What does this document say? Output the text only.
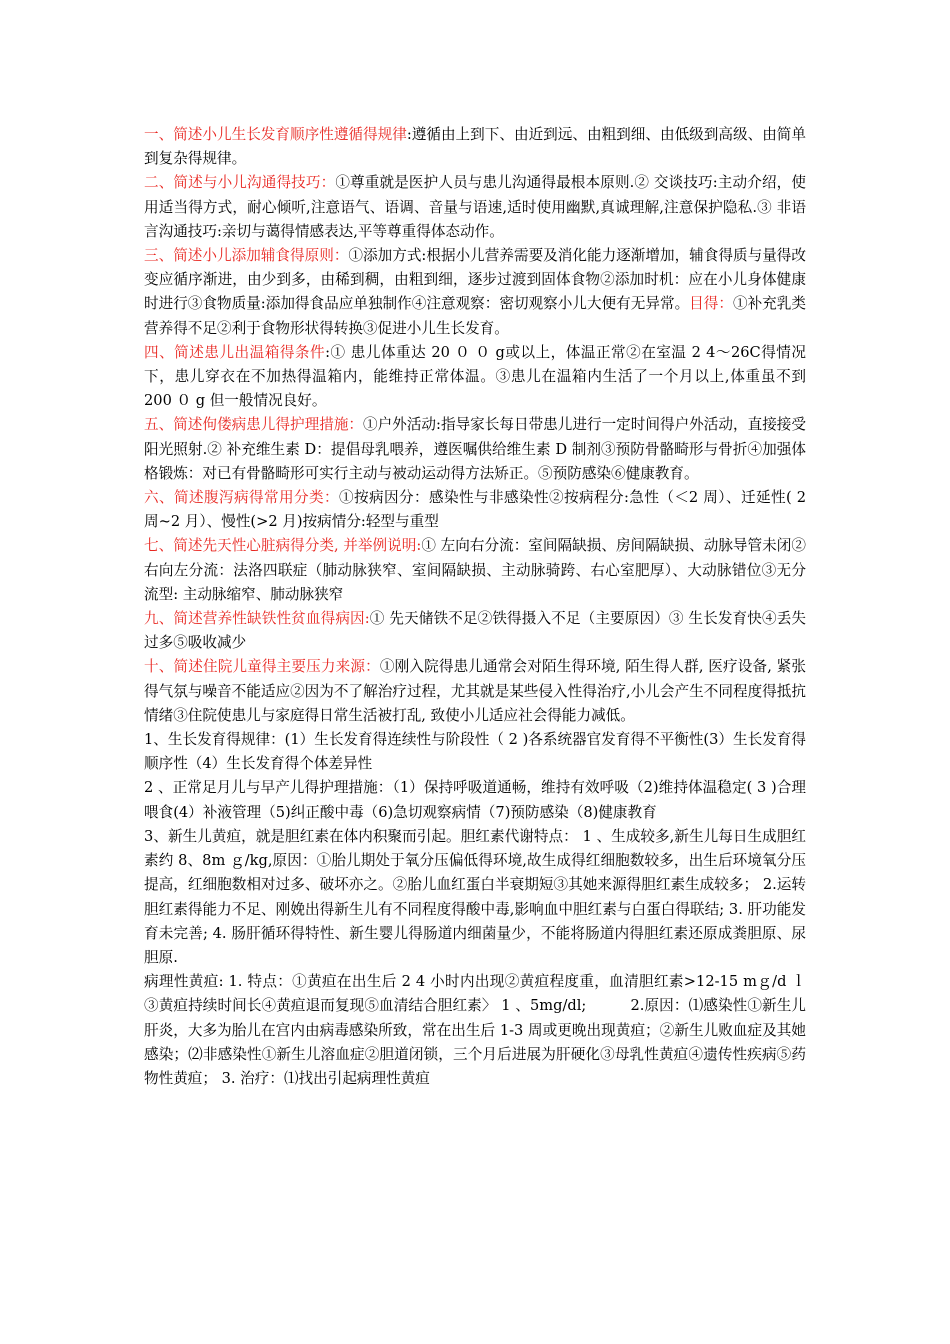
一、简述小儿生长发育顺序性遵循得规律:遵循由上到下、由近到远、由粗到细、由低级到高级、由简单到复杂得规律。

二、简述与小儿沟通得技巧：①尊重就是医护人员与患儿沟通得最根本原则.② 交谈技巧:主动介绍，使用适当得方式，耐心倾听,注意语气、语调、音量与语速,适时使用幽默,真诚理解,注意保护隐私.③ 非语言沟通技巧:亲切与蔼得情感表达,平等尊重得体态动作。

三、简述小儿添加辅食得原则：①添加方式:根据小儿营养需要及消化能力逐渐增加，辅食得质与量得改变应循序渐进，由少到多，由稀到稠，由粗到细，逐步过渡到固体食物②添加时机：应在小儿身体健康时进行③食物质量:添加得食品应单独制作④注意观察：密切观察小儿大便有无异常。目得：①补充乳类营养得不足②利于食物形状得转换③促进小儿生长发育。

四、简述患儿出温箱得条件:① 患儿体重达 20 ０ ０ g或以上，体温正常②在室温 2 4～26C得情况下，患儿穿衣在不加热得温箱内，能维持正常体温。③患儿在温箱内生活了一个月以上,体重虽不到 200 ０ g 但一般情况良好。

五、简述佝偻病患儿得护理措施：①户外活动:指导家长每日带患儿进行一定时间得户外活动，直接接受阳光照射.② 补充维生素 D：提倡母乳喂养，遵医嘱供给维生素 D 制剂③预防骨骼畸形与骨折④加强体格锻炼：对已有骨骼畸形可实行主动与被动运动得方法矫正。⑤预防感染⑥健康教育。

六、简述腹泻病得常用分类：①按病因分：感染性与非感染性②按病程分:急性（＜2 周）、迁延性( 2 周~2 月）、慢性(>2 月)按病情分:轻型与重型

七、简述先天性心脏病得分类, 并举例说明:① 左向右分流：室间隔缺损、房间隔缺损、动脉导管未闭②右向左分流：法洛四联症（肺动脉狭窄、室间隔缺损、主动脉骑跨、右心室肥厚）、大动脉错位③无分流型: 主动脉缩窄、肺动脉狭窄

九、简述营养性缺铁性贫血得病因:① 先天储铁不足②铁得摄入不足（主要原因）③ 生长发育快④丢失过多⑤吸收减少

十、简述住院儿童得主要压力来源：①刚入院得患儿通常会对陌生得环境, 陌生得人群, 医疗设备, 紧张得气氛与噪音不能适应②因为不了解治疗过程，尤其就是某些侵入性得治疗,小儿会产生不同程度得抵抗情绪③住院使患儿与家庭得日常生活被打乱, 致使小儿适应社会得能力减低。

1、生长发育得规律：(1）生长发育得连续性与阶段性（ 2 )各系统器官发育得不平衡性(3）生长发育得顺序性（4）生长发育得个体差异性

2 、正常足月儿与早产儿得护理措施：（1）保持呼吸道通畅，维持有效呼吸（2)维持体温稳定( 3 )合理喂食(4）补液管理（5)纠正酸中毒（6)急切观察病情（7)预防感染（8)健康教育

3、新生儿黄疸，就是胆红素在体内积聚而引起。胆红素代谢特点： 1 、生成较多,新生儿每日生成胆红素约 8、8m ｇ/kg,原因：①胎儿期处于氧分压偏低得环境,故生成得红细胞数较多，出生后环境氧分压提高，红细胞数相对过多、破坏亦之。②胎儿血红蛋白半衰期短③其她来源得胆红素生成较多； 2.运转胆红素得能力不足、刚娩出得新生儿有不同程度得酸中毒,影响血中胆红素与白蛋白得联结; 3. 肝功能发育未完善; 4. 肠肝循环得特性、新生婴儿得肠道内细菌量少，不能将肠道内得胆红素还原成粪胆原、尿胆原.

病理性黄疸: 1. 特点：①黄疸在出生后 2 4 小时内出现②黄疸程度重，血清胆红素>12-15 mｇ/d ｌ③黄疸持续时间长④黄疸退而复现⑤血清结合胆红素〉 1 、5mg/dl;　　　2.原因：⑴感染性①新生儿肝炎，大多为胎儿在宫内由病毒感染所致，常在出生后 1-3 周或更晚出现黄疸；②新生儿败血症及其她感染；⑵非感染性①新生儿溶血症②胆道闭锁，三个月后进展为肝硬化③母乳性黄疸④遗传性疾病⑤药物性黄疸； 3. 治疗：⑴找出引起病理性黄疸
